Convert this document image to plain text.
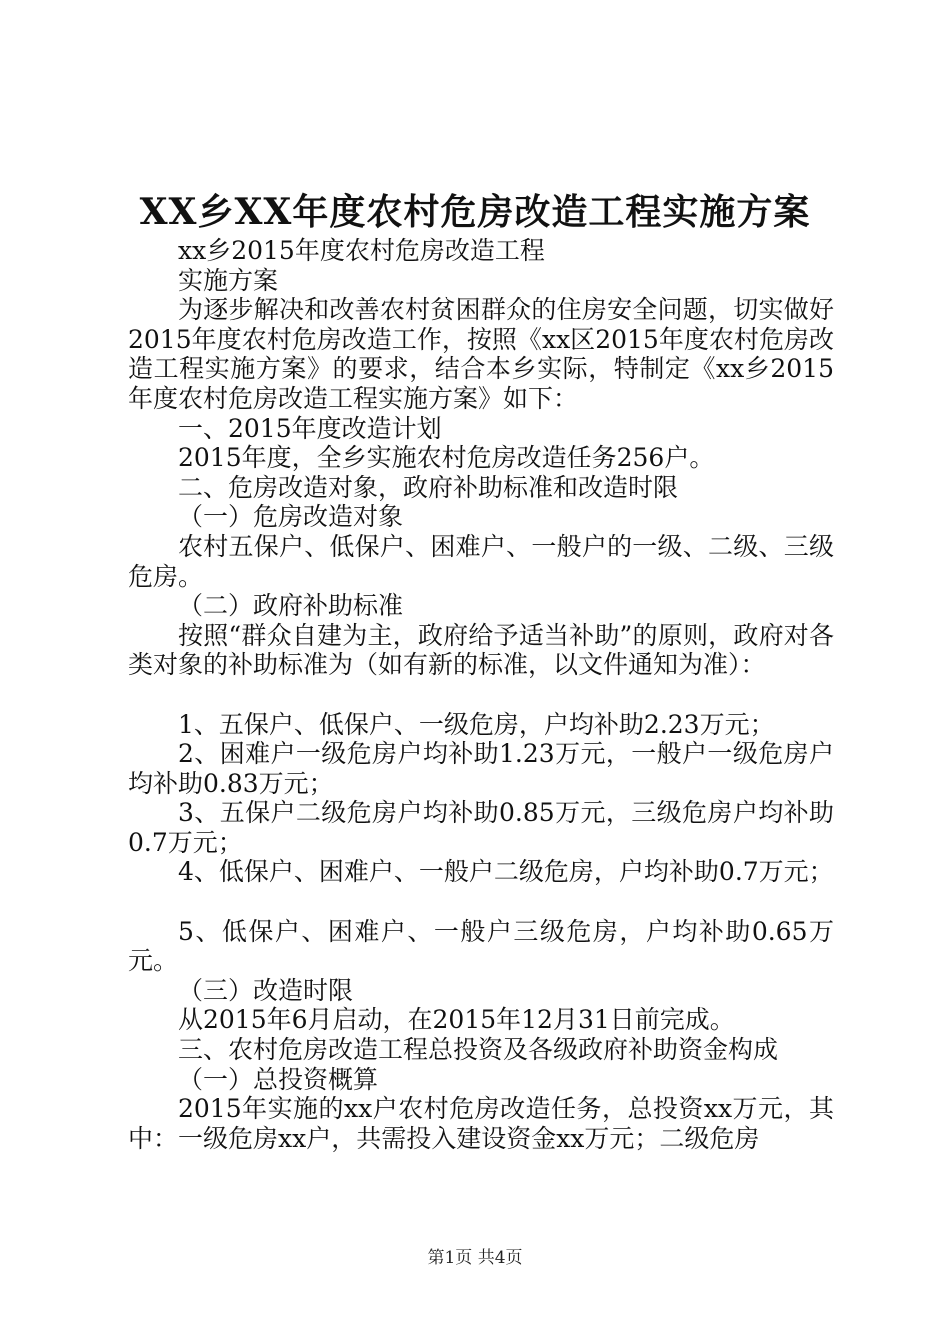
XX乡XX年度农村危房改造工程实施方案

xx乡2015年度农村危房改造工程

实施方案

为逐步解决和改善农村贫困群众的住房安全问题，切实做好2015年度农村危房改造工作，按照《xx区2015年度农村危房改造工程实施方案》的要求，结合本乡实际，特制定《xx乡2015年度农村危房改造工程实施方案》如下：

一、2015年度改造计划

2015年度，全乡实施农村危房改造任务256户。

二、危房改造对象，政府补助标准和改造时限

（一）危房改造对象

农村五保户、低保户、困难户、一般户的一级、二级、三级危房。

（二）政府补助标准

按照“群众自建为主，政府给予适当补助”的原则，政府对各类对象的补助标准为（如有新的标准，以文件通知为准）：

1、五保户、低保户、一级危房，户均补助2.23万元；

2、困难户一级危房户均补助1.23万元，一般户一级危房户均补助0.83万元；

3、五保户二级危房户均补助0.85万元，三级危房户均补助0.7万元；

4、低保户、困难户、一般户二级危房，户均补助0.7万元；

5、低保户、困难户、一般户三级危房，户均补助0.65万元。

（三）改造时限

从2015年6月启动，在2015年12月31日前完成。

三、农村危房改造工程总投资及各级政府补助资金构成

（一）总投资概算

2015年实施的xx户农村危房改造任务，总投资xx万元，其中：一级危房xx户，共需投入建设资金xx万元；二级危房

第1页 共4页
